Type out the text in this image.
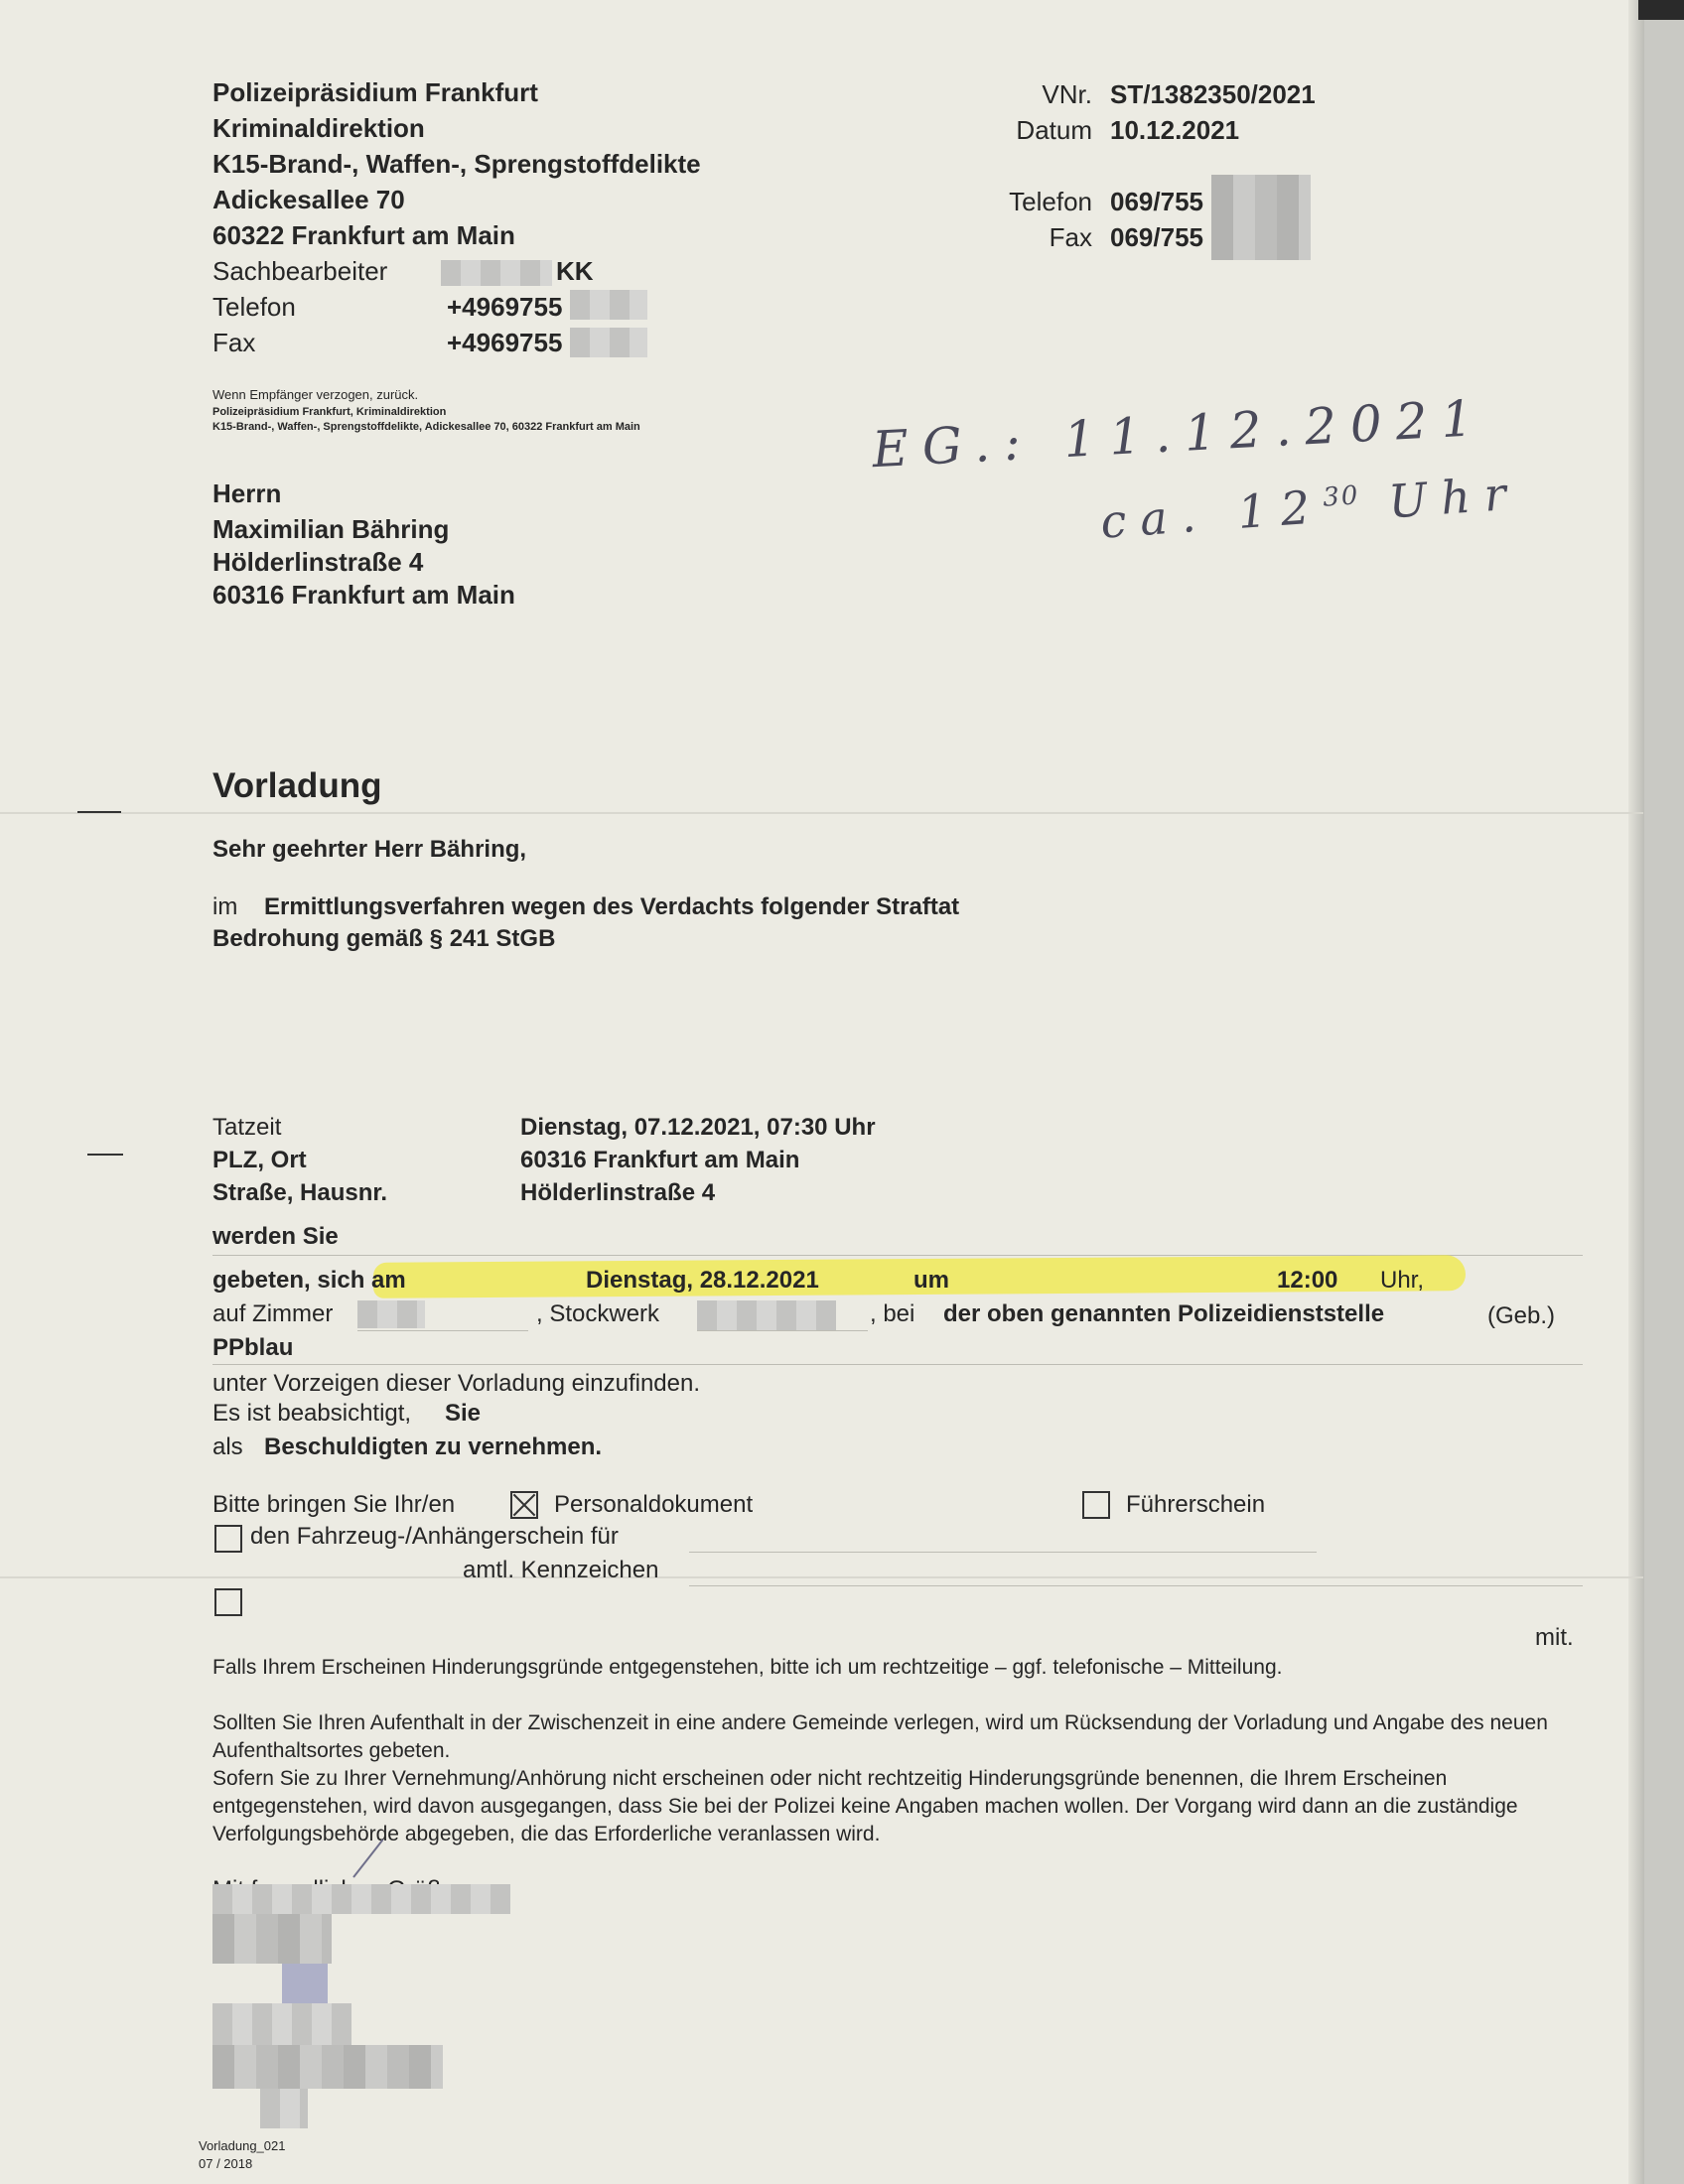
Polizeipräsidium Frankfurt
Kriminaldirektion
K15-Brand-, Waffen-, Sprengstoffdelikte
Adickesallee 70
60322 Frankfurt am Main
Sachbearbeiter	KK
Telefon	+4969755
Fax	+4969755
VNr. ST/1382350/2021
Datum 10.12.2021
Telefon 069/755
Fax 069/755
Wenn Empfänger verzogen, zurück.
Polizeipräsidium Frankfurt, Kriminaldirektion
K15-Brand-, Waffen-, Sprengstoffdelikte, Adickesallee 70, 60322 Frankfurt am Main	EG.: 11.12.2021
ca. $12^{30}$ Uhr
Herrn
Maximilian Bähring
Hölderlinstraße 4
60316 Frankfurt am Main
Vorladung
Sehr geehrter Herr Bähring,
im Ermittlungsverfahren wegen des Verdachts folgender Straftat
Bedrohung gemäß § 241 StGB
Tatzeit	Dienstag, 07.12.2021, 07:30 Uhr
PLZ, Ort	60316 Frankfurt am Main
Straße, Hausnr.	Hölderlinstraße 4
werden Sie
gebeten, sich am	Dienstag, 28.12.2021	um	12:00 Uhr,
auf Zimmer	, Stockwerk	, bei der oben genannten Polizeidienststelle	(Geb.)
PPblau
unter Vorzeigen dieser Vorladung einzufinden.
Es ist beabsichtigt, Sie
als Beschuldigten zu vernehmen.
Bitte bringen Sie Ihr/en	Personaldokument	Führerschein
den Fahrzeug-/Anhängerschein für
amtl. Kennzeichen
mit.
Falls Ihrem Erscheinen Hinderungsgründe entgegenstehen, bitte ich um rechtzeitige – ggf. telefonische – Mitteilung.
Sollten Sie Ihren Aufenthalt in der Zwischenzeit in eine andere Gemeinde verlegen, wird um Rücksendung der Vorladung und Angabe des neuen Aufenthaltsortes gebeten.
Sofern Sie zu Ihrer Vernehmung/Anhörung nicht erscheinen oder nicht rechtzeitig Hinderungsgründe benennen, die Ihrem Erscheinen entgegenstehen, wird davon ausgegangen, dass Sie bei der Polizei keine Angaben machen wollen. Der Vorgang wird dann an die zuständige Verfolgungsbehörde abgegeben, die das Erforderliche veranlassen wird.
Vorladung_021
07 / 2018
